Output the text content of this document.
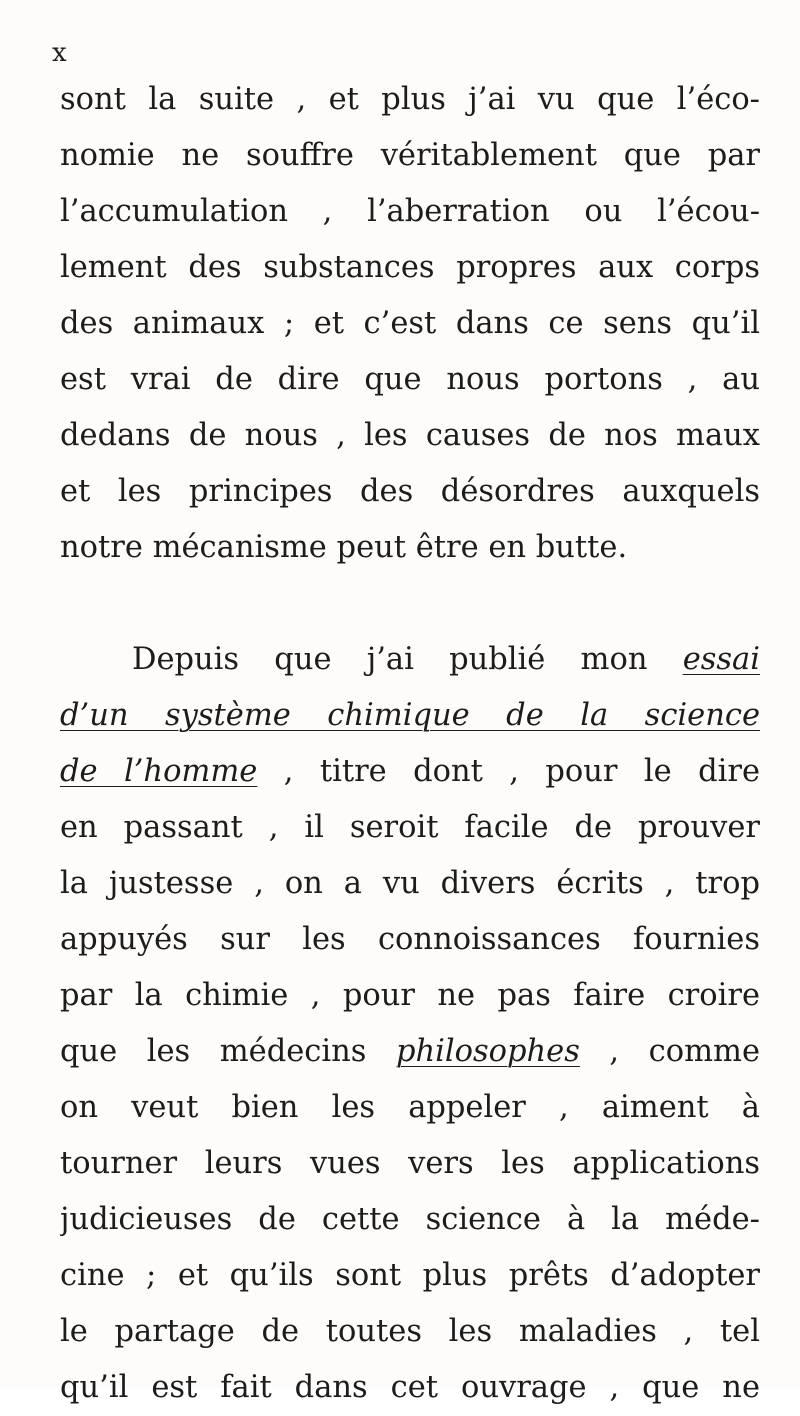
x
sont la suite , et plus j’ai vu que l’éco-
nomie ne souffre véritablement que par
l’accumulation , l’aberration ou l’écou-
lement des substances propres aux corps
des animaux ; et c’est dans ce sens qu’il
est vrai de dire que nous portons , au
dedans de nous , les causes de nos maux
et les principes des désordres auxquels
notre mécanisme peut être en butte.
Depuis que j’ai publié mon essai
d’un système chimique de la science
de l’homme , titre dont , pour le dire
en passant , il seroit facile de prouver
la justesse , on a vu divers écrits , trop
appuyés sur les connoissances fournies
par la chimie , pour ne pas faire croire
que les médecins philosophes , comme
on veut bien les appeler , aiment à
tourner leurs vues vers les applications
judicieuses de cette science à la méde-
cine ; et qu’ils sont plus prêts d’adopter
le partage de toutes les maladies , tel
qu’il est fait dans cet ouvrage , que ne
